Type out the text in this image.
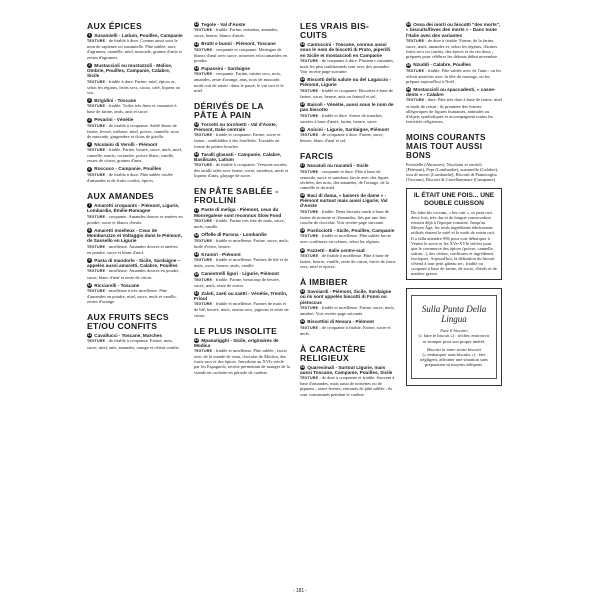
AUX ÉPICES
1 Susamielli - Latium, Pouilles, Campanie
TEXTURE : de friable à dure. Connus aussi sous le nom de sapienze ou susumielle. Pâte sablée, noix d'agrumes, cannelle, miel, muscade, graines d'anis et zestes d'agrumes.
2 Mustaccioli ou mustazzoli - Molise, Ombrie, Pouilles, Campanie, Calabre, Sicile
TEXTURE : friable à dure. Farine, miel, épices et, selon les régions, fruits secs, cacao, café, liqueur ou vin.
3 Brigidini - Toscane
TEXTURE : friable. Tuiles très fines et cassantes à base de farine, œufs, anis et sucre.
4 Pevarini - Vénétie
TEXTURE : de friable à croquante. Sablé dense de farine, levure, mélasse, miel, poivre, cannelle, noix de muscade, gingembre et clous de girofle.
5 Nicolaini di Verolli - Piémont
TEXTURE : friable. Farine, beurre, sucre, œufs, miel, cannelle, macis, coriandre, poivre blanc, vanille, zestes de citron, graines d'anis.
6 Roccoco - Campanie, Pouilles
TEXTURE : de friable à dure. Pâte sablée roulée d'amandes et de fruits confits, épices.
AUX AMANDES
7 Amaretti croquants - Piémont, Ligurie, Lombardie, Émilie-Romagne
TEXTURE : croquante. Amandes douces et amères en poudre, sucre et blancs d'œufs.
8 Amaretti moelleux - Ceux de Mombaruzzo et Voltaggio dans le Piémont, de Sassello en Ligurie
TEXTURE : moelleuse. Amandes douces et amères en poudre, sucre et blanc d'œuf.
9 Pasta di mandorle - Sicile, Sardaigne – appelés aussi amaretti, Calabre, Pouilles
TEXTURE : moelleuse. Amandes douces en poudre, sucre, blanc d'œuf et zeste de citron.
10 Ricciarelli - Toscane
TEXTURE : moelleuse à très moelleuse. Pâte d'amandes en poudre, miel, sucre, œufs et vanille, zestes d'orange.
AUX FRUITS SECS ET/OU CONFITS
11 Cavallucci - Toscane, Marches
TEXTURE : de friable à croquante. Farine, noix, sucre, miel, anis, amandes, orange et cédrat confits.
12 Tegole - Val d'Aoste
TEXTURE : friable. Farine, noisettes, amandes, sucre, beurre, blancs d'œufs.
13 Brutti e buoni - Piémont, Toscane
TEXTURE : croquante et craquante. Meringue de blancs d'œuf avec sucre, noisettes et/ou amandes en poudre.
14 Papassini - Sardaigne
TEXTURE : croquante. Farine, raisins secs, noix, amandes, zeste d'orange, anis, noix de muscade, moût cuit de raisin : dans le passé, le vin cuit et le miel.
DÉRIVÉS DE LA PÂTE À PAIN
15 Torcetti ou torchietti - Val d'Aoste, Piémont, Italie centrale
TEXTURE : friable et croquante. Farine, sucre et farine ; semblables à des feuilletés. Torsadés en forme de petites boucles.
16 Taralli glassati - Campanie, Calabre, Basilicate, Latium
TEXTURE : de friable à croquante. Versions sucrées des taralli salés avec farine, sucre, saindoux, œufs et liqueur d'anis, glaçage de sucre.
EN PÂTE SABLÉE - FROLLINI
17 Paste di meliga - Piémont, ceux du Monregalese sont reconnus Slow Food
TEXTURE : friable. Farine très fine de maïs, sucre, œufs, vanille.
18 Offelle di Parona - Lombardie
TEXTURE : friable et moelleuse. Farine, sucre, œufs, huile d'olive, beurre.
19 Krumiri - Piémont
TEXTURE : friable et moelleuse. Farines de blé et de maïs, sucre, beurre, œufs, vanille.
20 Canestrelli liguri - Ligurie, Piémont
TEXTURE : friable. Farine, beaucoup de beurre, sucre, œufs, zeste de citron.
21 Zaleti, zaeti ou zaetti - Vénétie, Trentin, Frioul
TEXTURE : friable et moelleuse. Farines de maïs et de blé, beurre, œufs, raisins secs, pignons et zeste de citron.
LE PLUS INSOLITE
22 Mpanatigghi - Sicile, originaires de Modica
TEXTURE : friable et moelleuse. Pâte sablée ; farcis avec de la viande de veau, chocolat de Modica, des fruits secs et des épices. Introduite au XVIe siècle par les Espagnols, recette permettant de manger de la viande en cachette en période de carême.
LES VRAIS BIS-CUITS
23 Cantuccini - Toscane, connus aussi sous le nom de biscotti di Prato, piperilli en Sicile et mostaccioli en Campanie
TEXTURE : de craquante à dure. Plusieurs variantes, mais les plus traditionnels sont avec des amandes. Voir recette page suivante.
24 Biscotti della salute ou del Lagaccio - Piémont, Ligurie
TEXTURE : friable et croquante. Biscottes à base de farine, sucre, beurre, anis ou fenouil et sel.
25 Baicoli - Vénétie, aussi sous le nom de pan biscotto
TEXTURE : friable et dure. Sortes de tranches sucrées à base d'œufs, farine, beurre, sucre.
26 Anicini - Ligurie, Sardaigne, Piémont
TEXTURE : de croquante à dure. Farine, sucre, beurre, blanc d'œuf et sel.
FARCIS
27 Nucatuli ou nucatoli - Sicile
TEXTURE : croquante et dure. Pâte à base de semoule, sucre et saindoux farcie avec des figues sèchées, des noix, des amandes, de l'orange, de la cannelle et du miel.
28 Baci di dama, « baisers de dame » - Piémont surtout mais aussi Ligurie, Val d'Aoste
TEXTURE : friable. Deux biscuits ronds à base de farine de noisette et d'amandes, liés par une fine couche de chocolat. Voir recette page suivante.
29 Pasticciotti - Sicile, Pouilles, Campanie
TEXTURE : friable et moelleuse. Pâte sablée farcie avec confitures ou crèmes, selon les régions.
30 Fazzetti - Italie centre-sud
TEXTURE : de friable à moelleuse. Pâte à base de farine, beurre, vanille, zeste de citron, farcie de fruits secs, miel et épices.
À IMBIBER
31 Savoiardi - Piémont, Sicile, Sardaigne où ils sont appelés biscotti di Fonni ou pistoccus
TEXTURE : friable et moelleuse. Farine, sucre, œufs, amidon. Voir recette page suivante.
32 Biscottini di Novara - Piémont
TEXTURE : de croquante à friable. Farine, sucre et œufs.
À CARACTÈRE RELIGIEUX
33 Quaresimali - Surtout Ligurie, mais aussi Toscane, Campanie, Pouilles, Sicile
TEXTURE : de dure à croquante et friable. Souvent à base d'amandes, mais aussi de noisettes ou de pignons ; assez fermes, entourés de pâte sablée ; ils sont consommés pendant le carême.
34 Ossa dei morti ou biscotti "des morts", « biscuits/fèves des morts » - Dans toute l'Italie avec des variantes
TEXTURE : de dure à friable. Farine, de la farine, sucre, œufs, amandes et, selon les régions, d'autres fruits secs ou confits, des épices et du vin doux ; préparés pour célébrer les défunts début novembre.
35 Nzuddi - Calabre, Pouilles
TEXTURE : friable. Pâte sablée avec de l'anis : on les offrait autrefois avec la fête du mariage, ou les prépare aujourd'hui à Noël.
36 Mostaccioli ou spaccadenti, « casse-dents » - Calabre
TEXTURE : dure. Pâte très dure à base de farine, miel et moût de raisin ; ils prennent des formes allégoriques de figures humaines, animales ou d'objets symboliques et accompagnent toutes les festivités religieuses.
MOINS COURANTS MAIS TOUT AUSSI BONS
Ferratelle (Abruzzes), Nicolaini et strufoli (Piémont), Pepi (Lombardie), zuzumelle (Calabre), ossi di morto (Lombardie), Biscotti di Pannicoglia (Toscane), Biscotti di Castellammare (Campanie).
IL ÉTAIT UNE FOIS... UNE DOUBLE CUISSON
Du latin bis coctum, « bis-cuit », ce pain cuit deux fois, très dur et de longue conservation existait déjà à l'époque romaine. Jusqu'au Moyen Âge, les seuls ingrédients édulcorants utilisés étaient le miel et le moût de raisin cuit. Il a fallu attendre 996 pour voir débarquer à Venise le sucre et les XVe-XVIe siècles pour que le commerce des épices (poivre, cannelle, safran...), des cèdres, confitures et ingrédients exotiques. Aujourd'hui, la définition du biscuit s'étend à tout petit gâteau sec, friable ou croquant à base de farine, de sucre, d'œufs et de matière grasse.
Sulla Punta Della Lingua
Fare il biscotto
(« faire le biscuit ») : tricher, entrouvrir se tromper pour son propre intérêt.
Biscotti in mare senza biscotti
(« embarquer sans biscuits ») : être négligent, affronter une situation sans préparation ni moyens adéquats.
- 181 -
